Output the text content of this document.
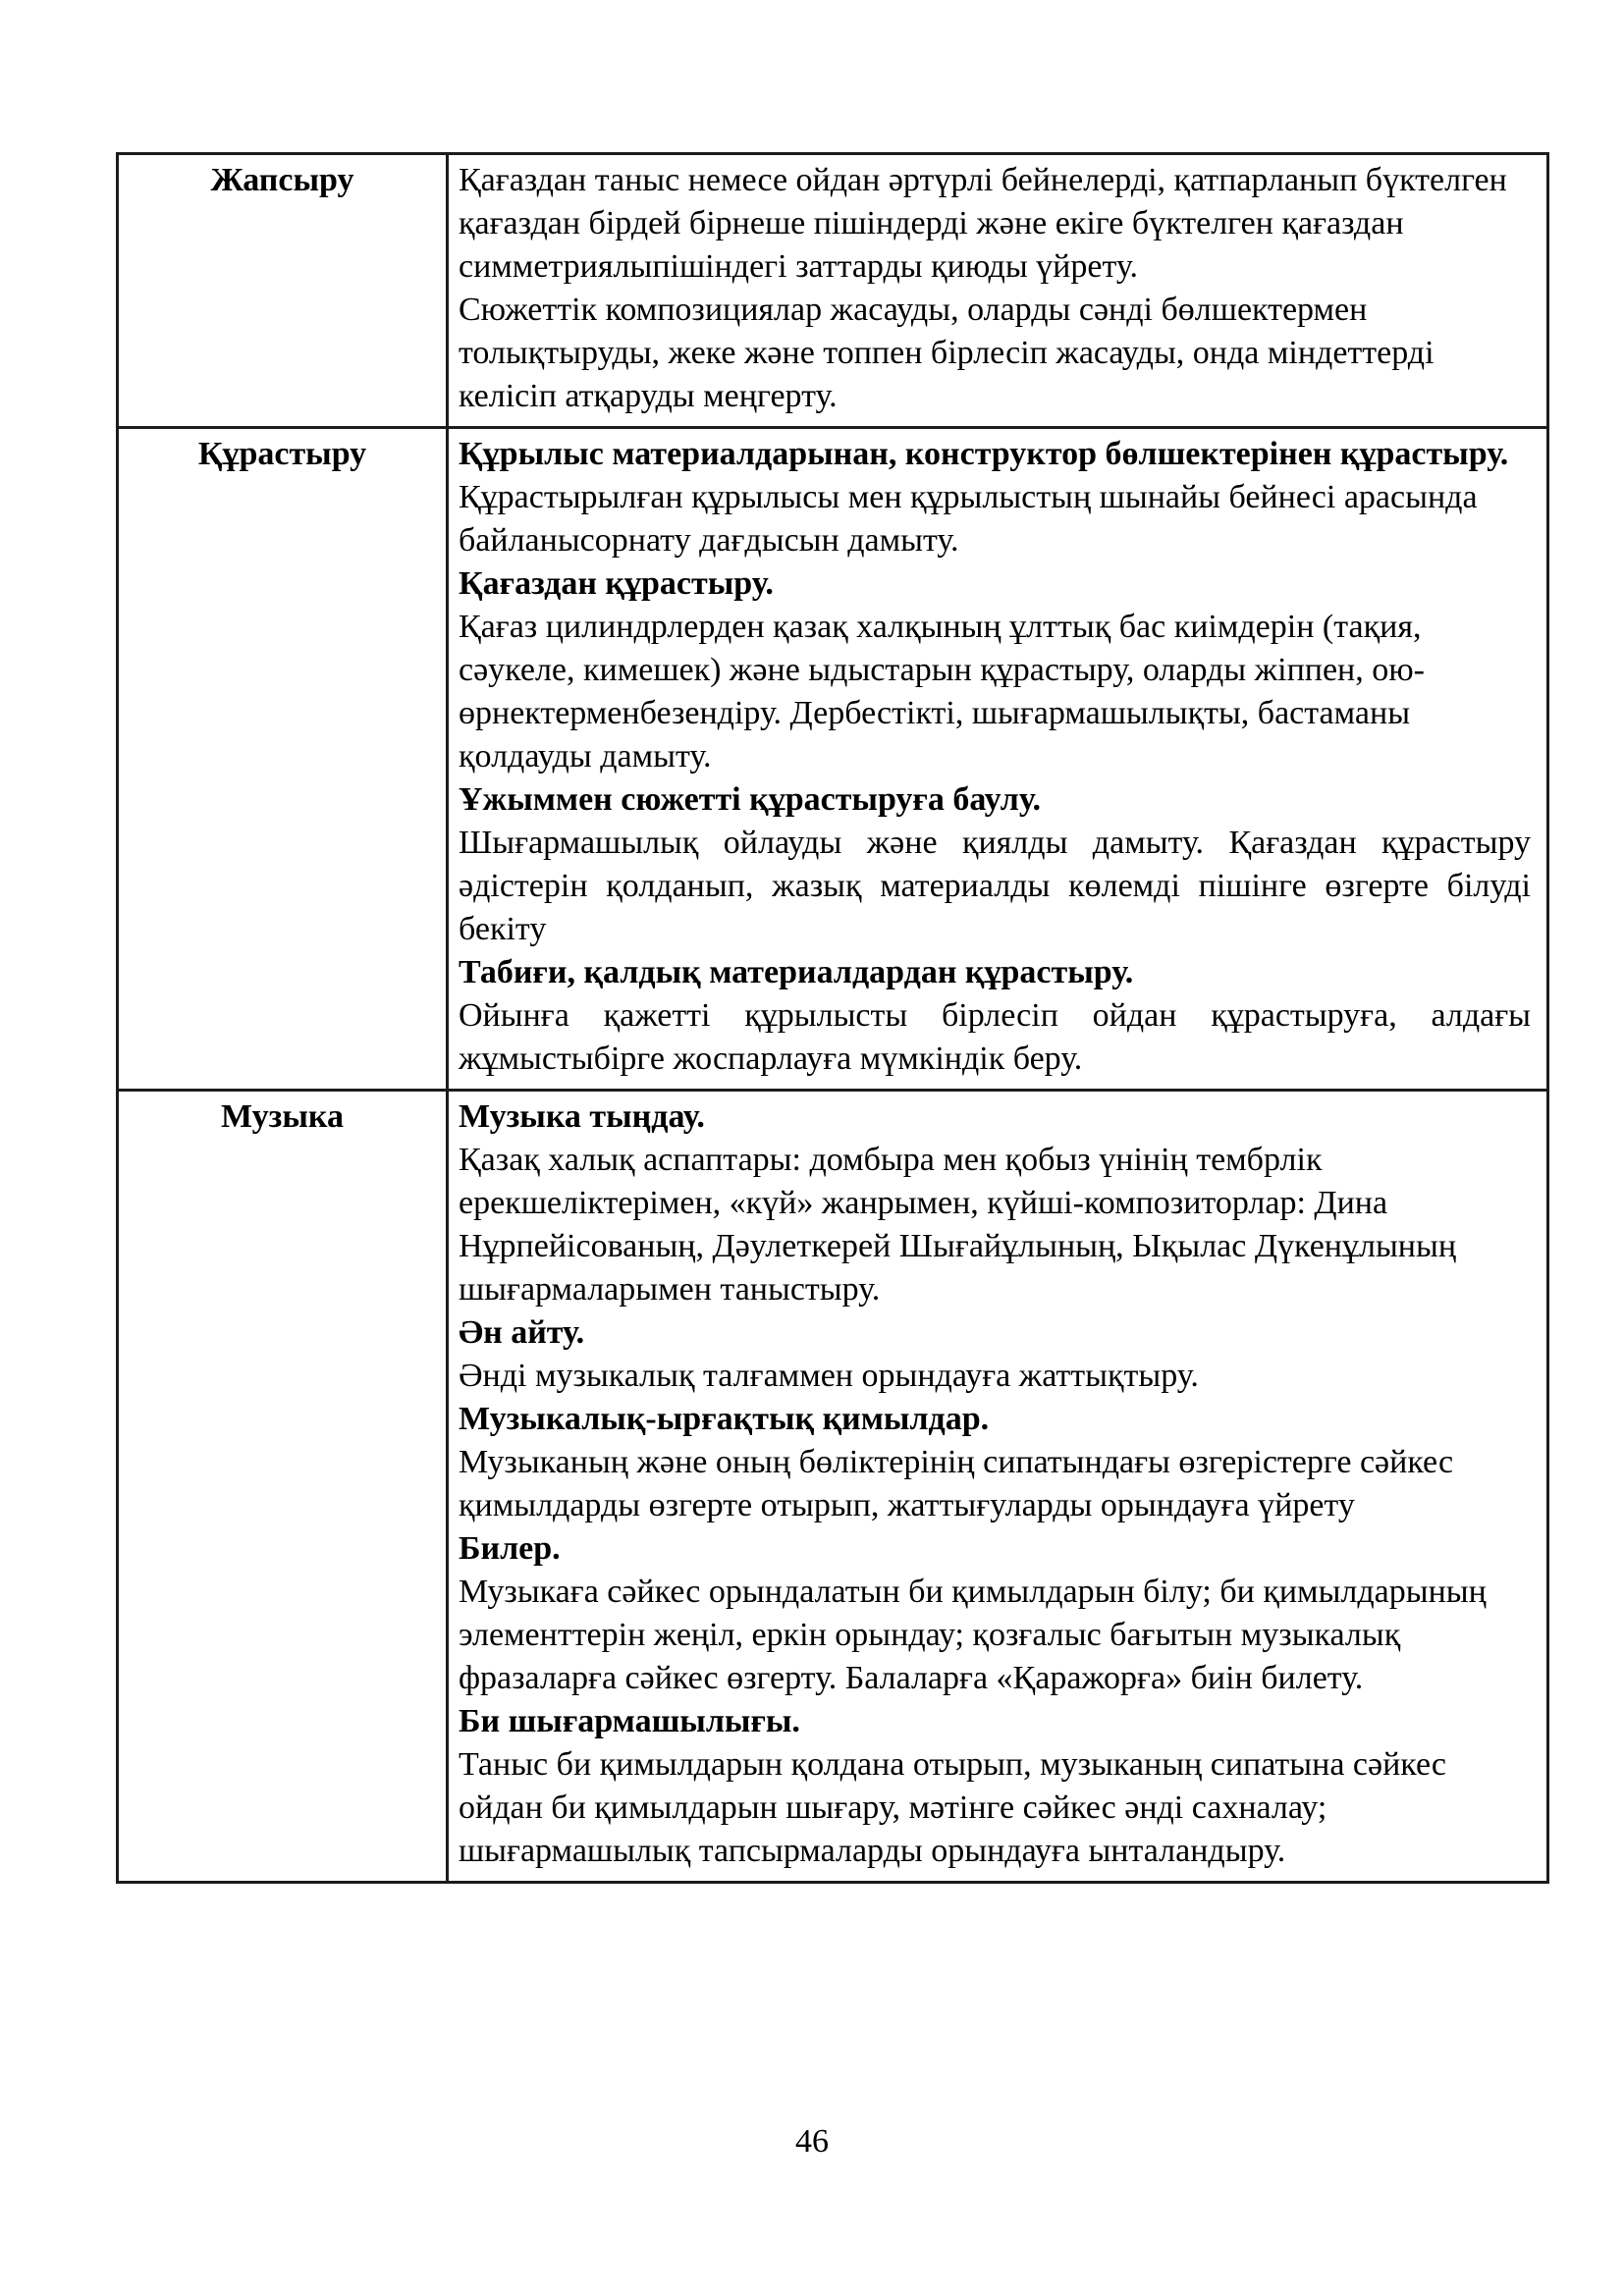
Жапсыру	Қағаздан таныс немесе ойдан әртүрлі бейнелерді, қатпарланып бүктелген қағаздан бірдей бірнеше пішіндерді және екіге бүктелген қағаздан симметриялыпішіндегі заттарды қиюды үйрету.

Сюжеттік композициялар жасауды, оларды сәнді бөлшектермен толықтыруды, жеке және топпен бірлесіп жасауды, онда міндеттерді келісіп атқаруды меңгерту.

Құрастыру	Құрылыс материалдарынан, конструктор бөлшектерінен құрастыру.

Құрастырылған құрылысы мен құрылыстың шынайы бейнесі арасында байланысорнату дағдысын дамыту.

Қағаздан құрастыру.

Қағаз цилиндрлерден қазақ халқының ұлттық бас киімдерін (тақия, сәукеле, кимешек) және ыдыстарын құрастыру, оларды жіппен, ою-өрнектерменбезендіру. Дербестікті, шығармашылықты, бастаманы қолдауды дамыту.

Ұжыммен сюжетті құрастыруға баулу.

Шығармашылық ойлауды және қиялды дамыту. Қағаздан құрастыру әдістерін қолданып, жазық материалды көлемді пішінге өзгерте білуді бекіту

Табиғи, қалдық материалдардан құрастыру.

Ойынға қажетті құрылысты бірлесіп ойдан құрастыруға, алдағы жұмыстыбірге жоспарлауға мүмкіндік беру.

Музыка	Музыка тыңдау.

Қазақ халық аспаптары: домбыра мен қобыз үнінің тембрлік ерекшеліктерімен, «күй» жанрымен, күйші-композиторлар: Дина Нұрпейісованың, Дәулеткерей Шығайұлының, Ықылас Дүкенұлының шығармаларымен таныстыру.

Ән айту.

Әнді музыкалық талғаммен орындауға жаттықтыру.

Музыкалық-ырғақтық қимылдар.

Музыканың және оның бөліктерінің сипатындағы өзгерістерге сәйкес қимылдарды өзгерте отырып, жаттығуларды орындауға үйрету

Билер.

Музыкаға сәйкес орындалатын би қимылдарын білу; би қимылдарының элементтерін жеңіл, еркін орындау; қозғалыс бағытын музыкалық фразаларға сәйкес өзгерту. Балаларға «Қаражорға» биін билету.

Би шығармашылығы.

Таныс би қимылдарын қолдана отырып, музыканың сипатына сәйкес ойдан би қимылдарын шығару, мәтінге сәйкес әнді сахналау; шығармашылық тапсырмаларды орындауға ынталандыру.

46
